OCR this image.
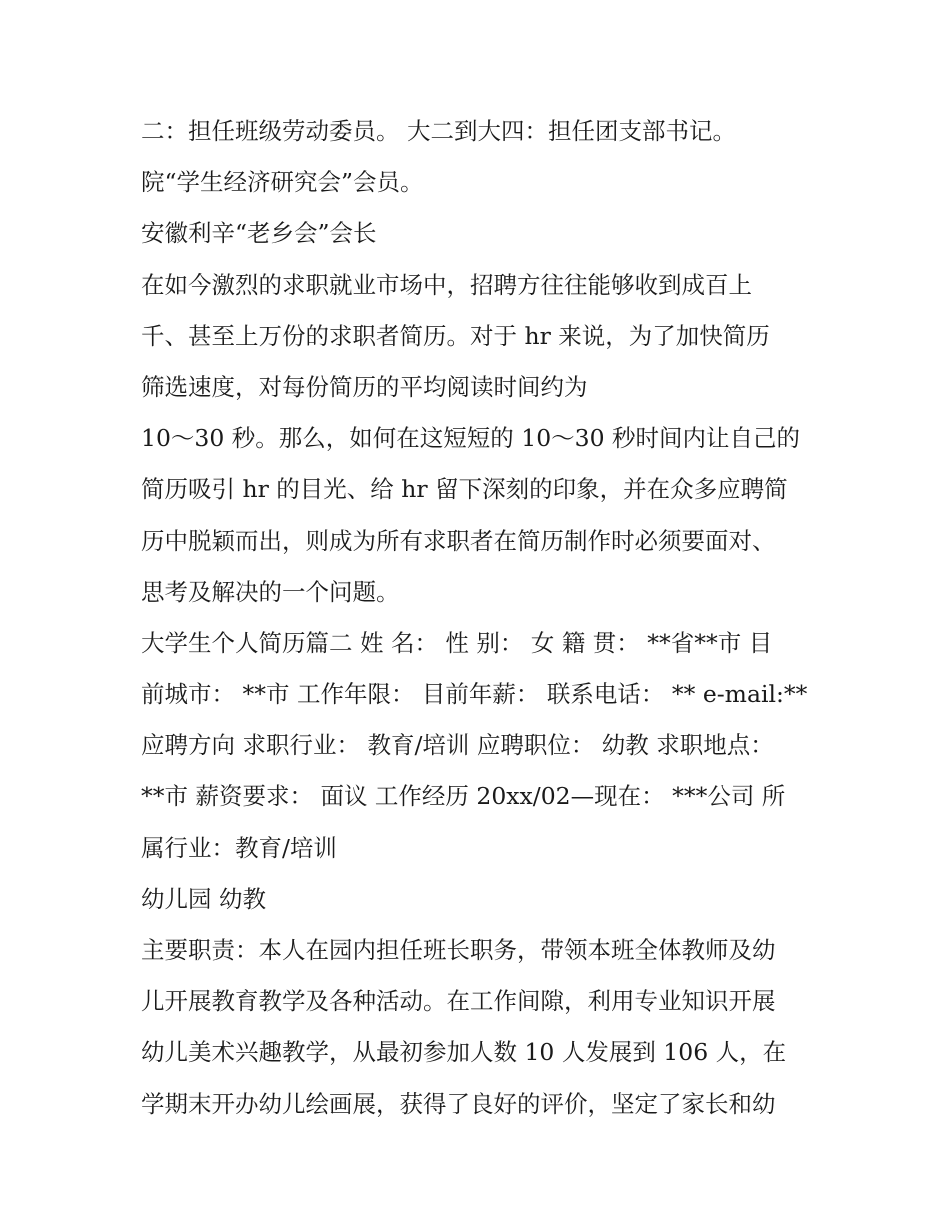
二：担任班级劳动委员。 大二到大四：担任团支部书记。
院“学生经济研究会”会员。
安徽利辛“老乡会”会长
在如今激烈的求职就业市场中，招聘方往往能够收到成百上
千、甚至上万份的求职者简历。对于 hr 来说，为了加快简历
筛选速度，对每份简历的平均阅读时间约为
10～30 秒。那么，如何在这短短的 10～30 秒时间内让自己的
简历吸引 hr 的目光、给 hr 留下深刻的印象，并在众多应聘简
历中脱颖而出，则成为所有求职者在简历制作时必须要面对、
思考及解决的一个问题。
大学生个人简历篇二 姓 名： 性 别： 女 籍 贯： **省**市 目
前城市： **市 工作年限： 目前年薪： 联系电话： ** e-mail:**
应聘方向 求职行业： 教育/培训 应聘职位： 幼教 求职地点：
**市 薪资要求： 面议 工作经历 20xx/02—现在： ***公司 所
属行业：教育/培训
幼儿园 幼教
主要职责：本人在园内担任班长职务，带领本班全体教师及幼
儿开展教育教学及各种活动。在工作间隙，利用专业知识开展
幼儿美术兴趣教学，从最初参加人数 10 人发展到 106 人，在
学期末开办幼儿绘画展，获得了良好的评价，坚定了家长和幼
